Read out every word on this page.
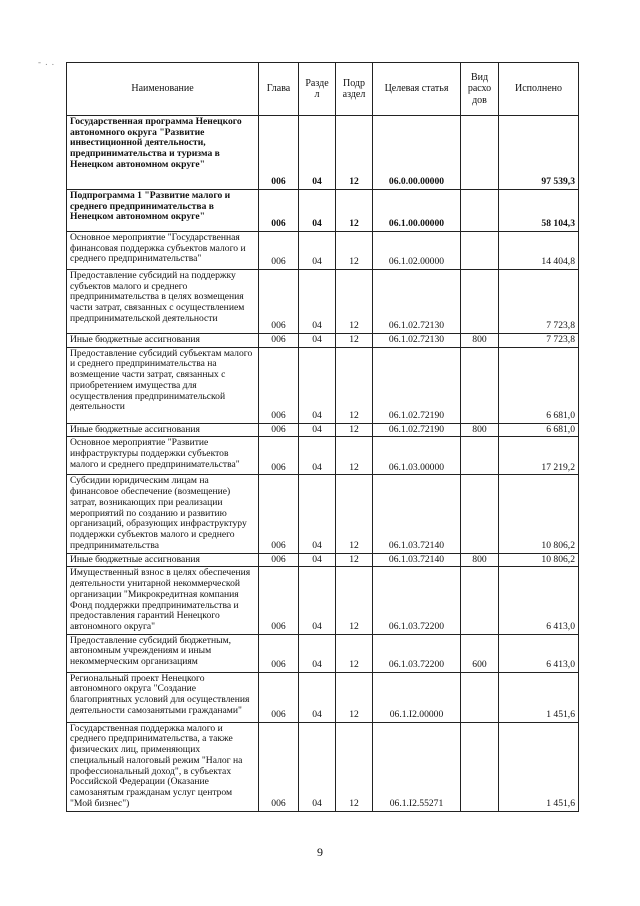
- . .
Наименование	Глава	Разде л	Подр аздел	Целевая статья	Вид расхо дов	Исполнено
Государственная программа Ненецкого автономного округа "Развитие инвестиционной деятельности, предпринимательства и туризма в Ненецком автономном округе"	006	04	12	06.0.00.00000		97 539,3
Подпрограмма 1 "Развитие малого и среднего предпринимательства в Ненецком автономном округе"	006	04	12	06.1.00.00000		58 104,3
Основное мероприятие "Государственная финансовая поддержка субъектов малого и среднего предпринимательства"	006	04	12	06.1.02.00000		14 404,8
Предоставление субсидий на поддержку субъектов малого и среднего предпринимательства в целях возмещения части затрат, связанных с осуществлением предпринимательской деятельности	006	04	12	06.1.02.72130		7 723,8
Иные бюджетные ассигнования	006	04	12	06.1.02.72130	800	7 723,8
Предоставление субсидий субъектам малого и среднего предпринимательства на возмещение части затрат, связанных с приобретением имущества для осуществления предпринимательской деятельности	006	04	12	06.1.02.72190		6 681,0
Иные бюджетные ассигнования	006	04	12	06.1.02.72190	800	6 681,0
Основное мероприятие "Развитие инфраструктуры поддержки субъектов малого и среднего предпринимательства"	006	04	12	06.1.03.00000		17 219,2
Субсидии юридическим лицам на финансовое обеспечение (возмещение) затрат, возникающих при реализации мероприятий по созданию и развитию организаций, образующих инфраструктуру поддержки субъектов малого и среднего предпринимательства	006	04	12	06.1.03.72140		10 806,2
Иные бюджетные ассигнования	006	04	12	06.1.03.72140	800	10 806,2
Имущественный взнос в целях обеспечения деятельности унитарной некоммерческой организации "Микрокредитная компания Фонд поддержки предпринимательства и предоставления гарантий Ненецкого автономного округа"	006	04	12	06.1.03.72200		6 413,0
Предоставление субсидий бюджетным, автономным учреждениям и иным некоммерческим организациям	006	04	12	06.1.03.72200	600	6 413,0
Региональный проект Ненецкого автономного округа "Создание благоприятных условий для осуществления деятельности самозанятыми гражданами"	006	04	12	06.1.I2.00000		1 451,6
Государственная поддержка малого и среднего предпринимательства, а также физических лиц, применяющих специальный налоговый режим "Налог на профессиональный доход", в субъектах Российской Федерации (Оказание самозанятым гражданам услуг центром "Мой бизнес")	006	04	12	06.1.I2.55271		1 451,6
9
